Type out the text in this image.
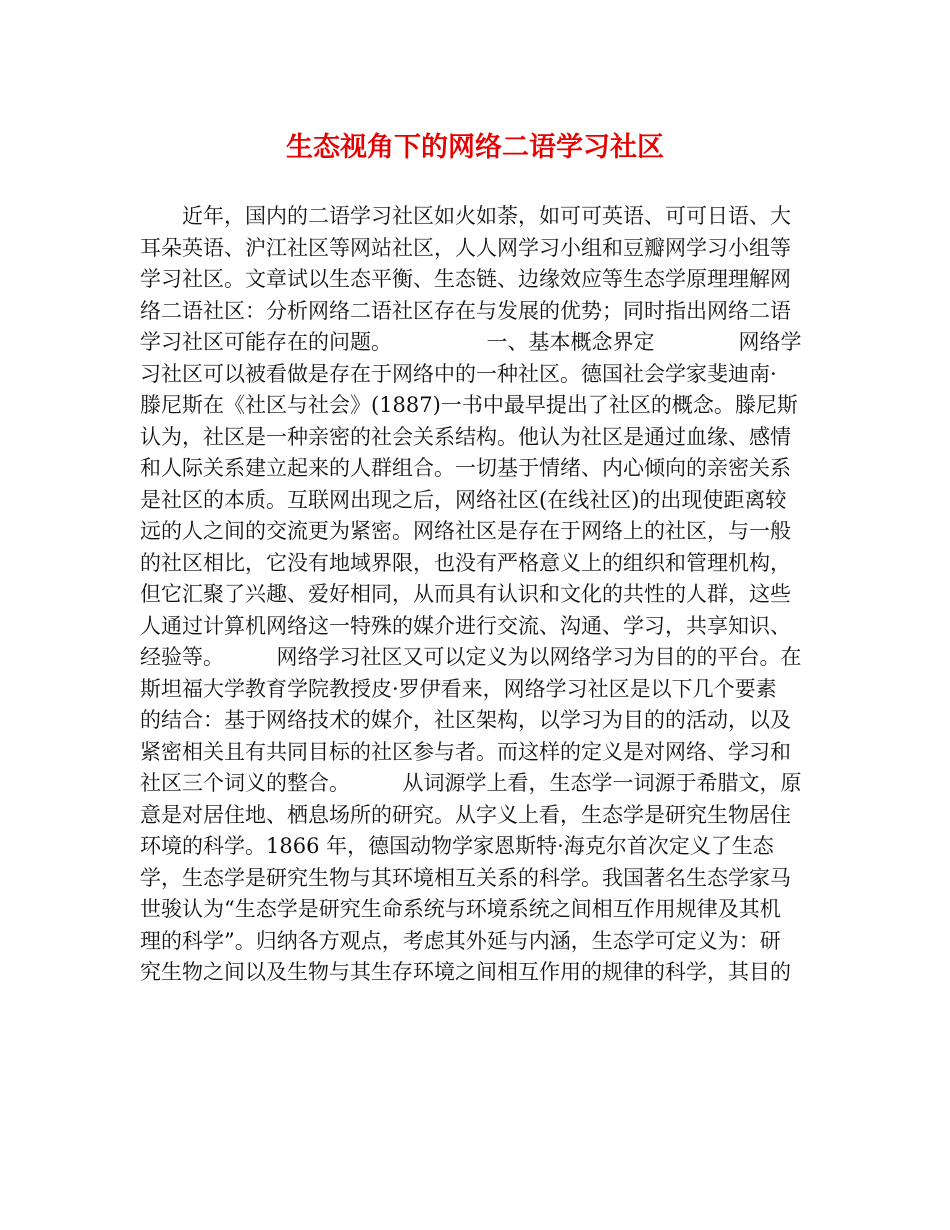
生态视角下的网络二语学习社区
　　近年，国内的二语学习社区如火如荼，如可可英语、可可日语、大
耳朵英语、沪江社区等网站社区，人人网学习小组和豆瓣网学习小组等
学习社区。文章试以生态平衡、生态链、边缘效应等生态学原理理解网
络二语社区：分析网络二语社区存在与发展的优势；同时指出网络二语
学习社区可能存在的问题。　　　　　一、基本概念界定　　　　网络学
习社区可以被看做是存在于网络中的一种社区。德国社会学家斐迪南·
滕尼斯在《社区与社会》(1887)一书中最早提出了社区的概念。滕尼斯
认为，社区是一种亲密的社会关系结构。他认为社区是通过血缘、感情
和人际关系建立起来的人群组合。一切基于情绪、内心倾向的亲密关系
是社区的本质。互联网出现之后，网络社区(在线社区)的出现使距离较
远的人之间的交流更为紧密。网络社区是存在于网络上的社区，与一般
的社区相比，它没有地域界限，也没有严格意义上的组织和管理机构，
但它汇聚了兴趣、爱好相同，从而具有认识和文化的共性的人群，这些
人通过计算机网络这一特殊的媒介进行交流、沟通、学习，共享知识、
经验等。　　　网络学习社区又可以定义为以网络学习为目的的平台。在
斯坦福大学教育学院教授皮·罗伊看来，网络学习社区是以下几个要素
的结合：基于网络技术的媒介，社区架构，以学习为目的的活动，以及
紧密相关且有共同目标的社区参与者。而这样的定义是对网络、学习和
社区三个词义的整合。　　　从词源学上看，生态学一词源于希腊文，原
意是对居住地、栖息场所的研究。从字义上看，生态学是研究生物居住
环境的科学。1866 年，德国动物学家恩斯特·海克尔首次定义了生态
学，生态学是研究生物与其环境相互关系的科学。我国著名生态学家马
世骏认为“生态学是研究生命系统与环境系统之间相互作用规律及其机
理的科学”。归纳各方观点，考虑其外延与内涵，生态学可定义为：研
究生物之间以及生物与其生存环境之间相互作用的规律的科学，其目的
